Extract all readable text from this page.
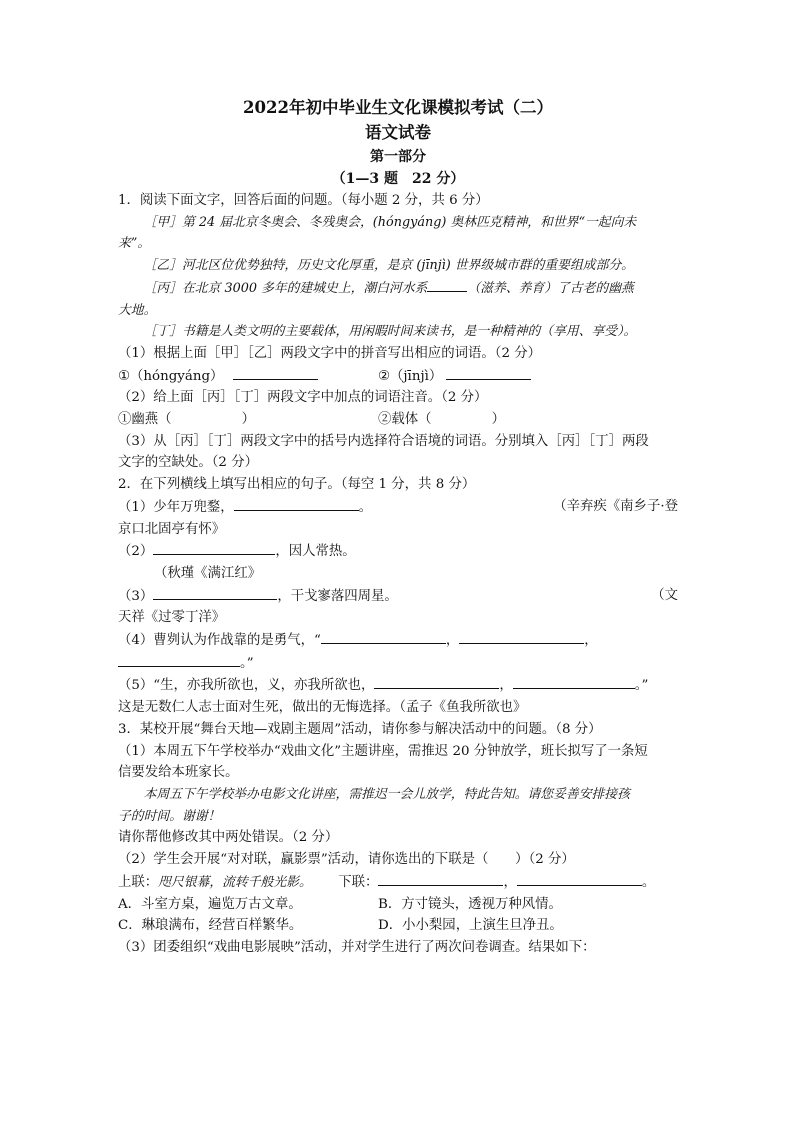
2022年初中毕业生文化课模拟考试（二）
语文试卷
第一部分
（1—3 题　22 分）
1．阅读下面文字，回答后面的问题。（每小题 2 分，共 6 分）
［甲］第 24 届北京冬奥会、冬残奥会，(hóngyáng) 奥林匹克精神，和世界“一起向未
来”。
［乙］河北区位优势独特，历史文化厚重，是京 (jīnjì) 世界级城市群的重要组成部分。
［丙］在北京 3000 多年的建城史上，潮白河水系	（滋养、养育）了古老的幽燕
大地。
［丁］书籍是人类文明的主要载体，用闲暇时间来读书，是一种精神的（享用、享受）。
（1）根据上面［甲］［乙］两段文字中的拼音写出相应的词语。（2 分）
①（hóngyáng）	②（jīnjì）
（2）给上面［丙］［丁］两段文字中加点的词语注音。（2 分）
①幽燕（	）	②载体（	）
（3）从［丙］［丁］两段文字中的括号内选择符合语境的词语。分别填入［丙］［丁］两段
文字的空缺处。（2 分）
2．在下列横线上填写出相应的句子。（每空 1 分，共 8 分）
（1）少年万兜鍪，	。	（辛弃疾《南乡子·登
京口北固亭有怀》
（2）	，因人常热。
（秋瑾《满江红》
（3）	，干戈寥落四周星。	（文
天祥《过零丁洋》
（4）曹刿认为作战靠的是勇气，“	，	，
。”
（5）“生，亦我所欲也，义，亦我所欲也，	，	。”
这是无数仁人志士面对生死，做出的无悔选择。（孟子《鱼我所欲也》
3．某校开展“舞台天地—戏剧主题周”活动，请你参与解决活动中的问题。（8 分）
（1）本周五下午学校举办“戏曲文化”主题讲座，需推迟 20 分钟放学，班长拟写了一条短
信要发给本班家长。
本周五下午学校举办电影文化讲座，需推迟一会儿放学，特此告知。请您妥善安排接孩
子的时间。谢谢！
请你帮他修改其中两处错误。（2 分）
（2）学生会开展“对对联，赢影票”活动，请你选出的下联是（　　）（2 分）
上联：咫尺银幕，流转千般光影。 下联：	，	。
A．斗室方桌，遍览万古文章。	B．方寸镜头，透视万种风情。
C．琳琅满布，经营百样繁华。	D．小小梨园，上演生旦净丑。
（3）团委组织“戏曲电影展映”活动，并对学生进行了两次问卷调查。结果如下：
